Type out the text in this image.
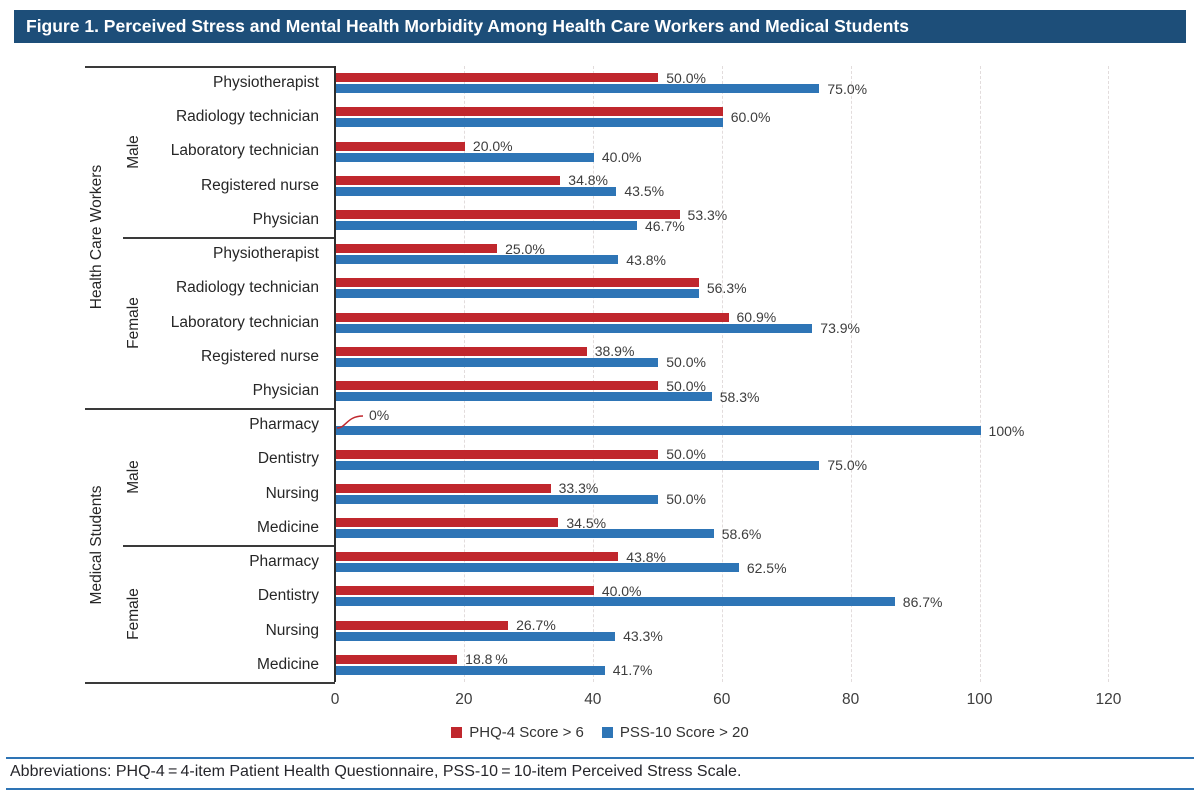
Figure 1. Perceived Stress and Mental Health Morbidity Among Health Care Workers and Medical Students
0	20	40	60	80	100	120
Physiotherapist	50.0%
75.0%
Radiology technician	60.0%
Laboratory technician	20.0%
40.0%
Registered nurse	34.8%
43.5%
Physician	53.3%
46.7%
Male
Physiotherapist	25.0%
43.8%
Radiology technician	56.3%
Laboratory technician	60.9%
73.9%
Registered nurse	38.9%
50.0%
Physician	50.0%
58.3%
Female
Health Care Workers
Pharmacy
0%
100%
Dentistry	50.0%
75.0%
Nursing	33.3%
50.0%
Medicine	34.5%
58.6%
Male
Pharmacy	43.8%
62.5%
Dentistry	40.0%
86.7%
Nursing	26.7%
43.3%
Medicine	18.8 %
41.7%
Female
Medical Students
PHQ-4 Score > 6 PSS-10 Score > 20
Abbreviations: PHQ-4 = 4-item Patient Health Questionnaire, PSS-10 = 10-item Perceived Stress Scale.
